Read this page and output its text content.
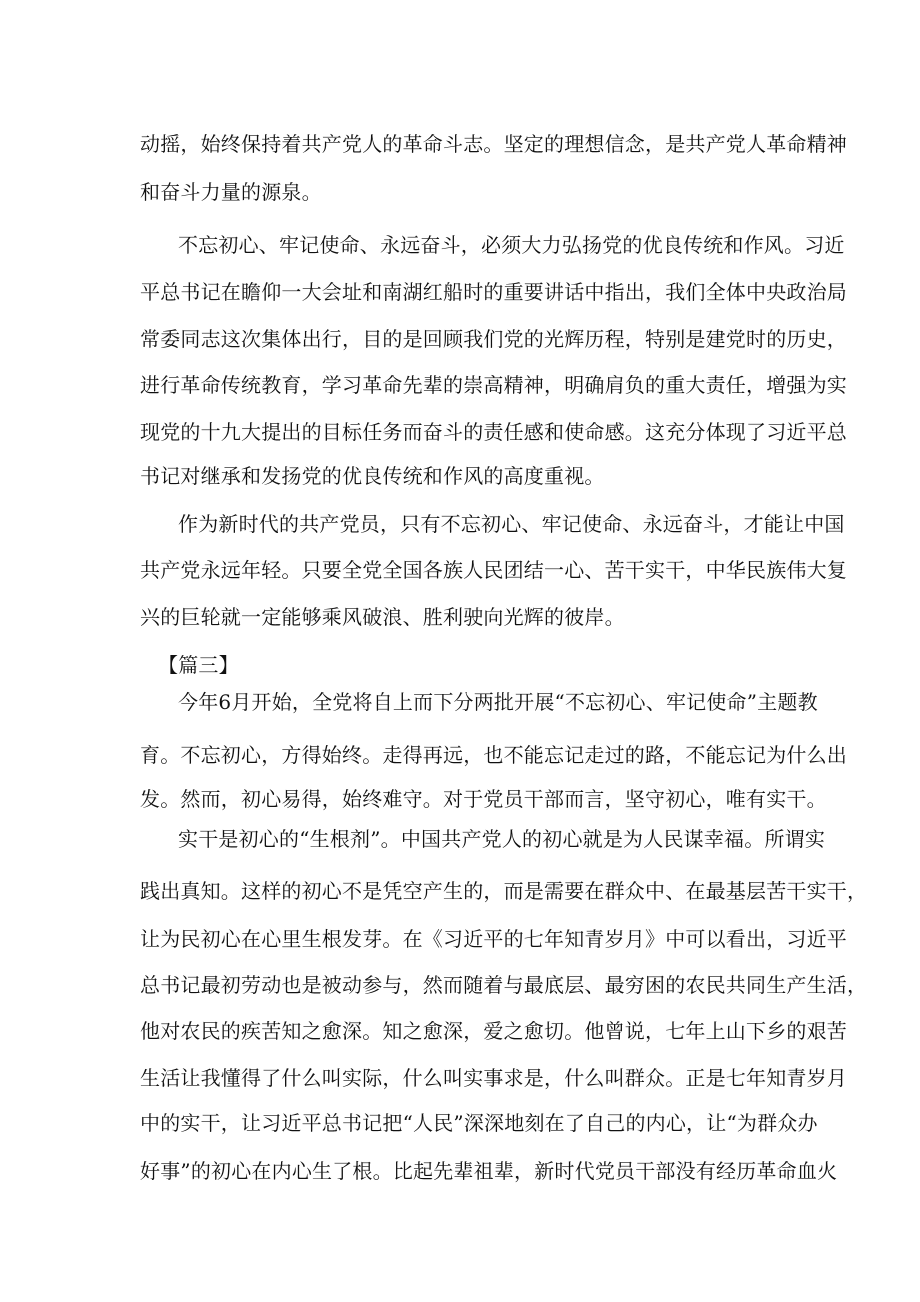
动摇，始终保持着共产党人的革命斗志。坚定的理想信念，是共产党人革命精神
和奋斗力量的源泉。
不忘初心、牢记使命、永远奋斗，必须大力弘扬党的优良传统和作风。习近
平总书记在瞻仰一大会址和南湖红船时的重要讲话中指出，我们全体中央政治局
常委同志这次集体出行，目的是回顾我们党的光辉历程，特别是建党时的历史，
进行革命传统教育，学习革命先辈的崇高精神，明确肩负的重大责任，增强为实
现党的十九大提出的目标任务而奋斗的责任感和使命感。这充分体现了习近平总
书记对继承和发扬党的优良传统和作风的高度重视。
作为新时代的共产党员，只有不忘初心、牢记使命、永远奋斗，才能让中国
共产党永远年轻。只要全党全国各族人民团结一心、苦干实干，中华民族伟大复
兴的巨轮就一定能够乘风破浪、胜利驶向光辉的彼岸。
【篇三】
今年6月开始，全党将自上而下分两批开展“不忘初心、牢记使命”主题教
育。不忘初心，方得始终。走得再远，也不能忘记走过的路，不能忘记为什么出
发。然而，初心易得，始终难守。对于党员干部而言，坚守初心，唯有实干。
实干是初心的“生根剂”。中国共产党人的初心就是为人民谋幸福。所谓实
践出真知。这样的初心不是凭空产生的，而是需要在群众中、在最基层苦干实干，
让为民初心在心里生根发芽。在《习近平的七年知青岁月》中可以看出，习近平
总书记最初劳动也是被动参与，然而随着与最底层、最穷困的农民共同生产生活，
他对农民的疾苦知之愈深。知之愈深，爱之愈切。他曾说，七年上山下乡的艰苦
生活让我懂得了什么叫实际，什么叫实事求是，什么叫群众。正是七年知青岁月
中的实干，让习近平总书记把“人民”深深地刻在了自己的内心，让“为群众办
好事”的初心在内心生了根。比起先辈祖辈，新时代党员干部没有经历革命血火
